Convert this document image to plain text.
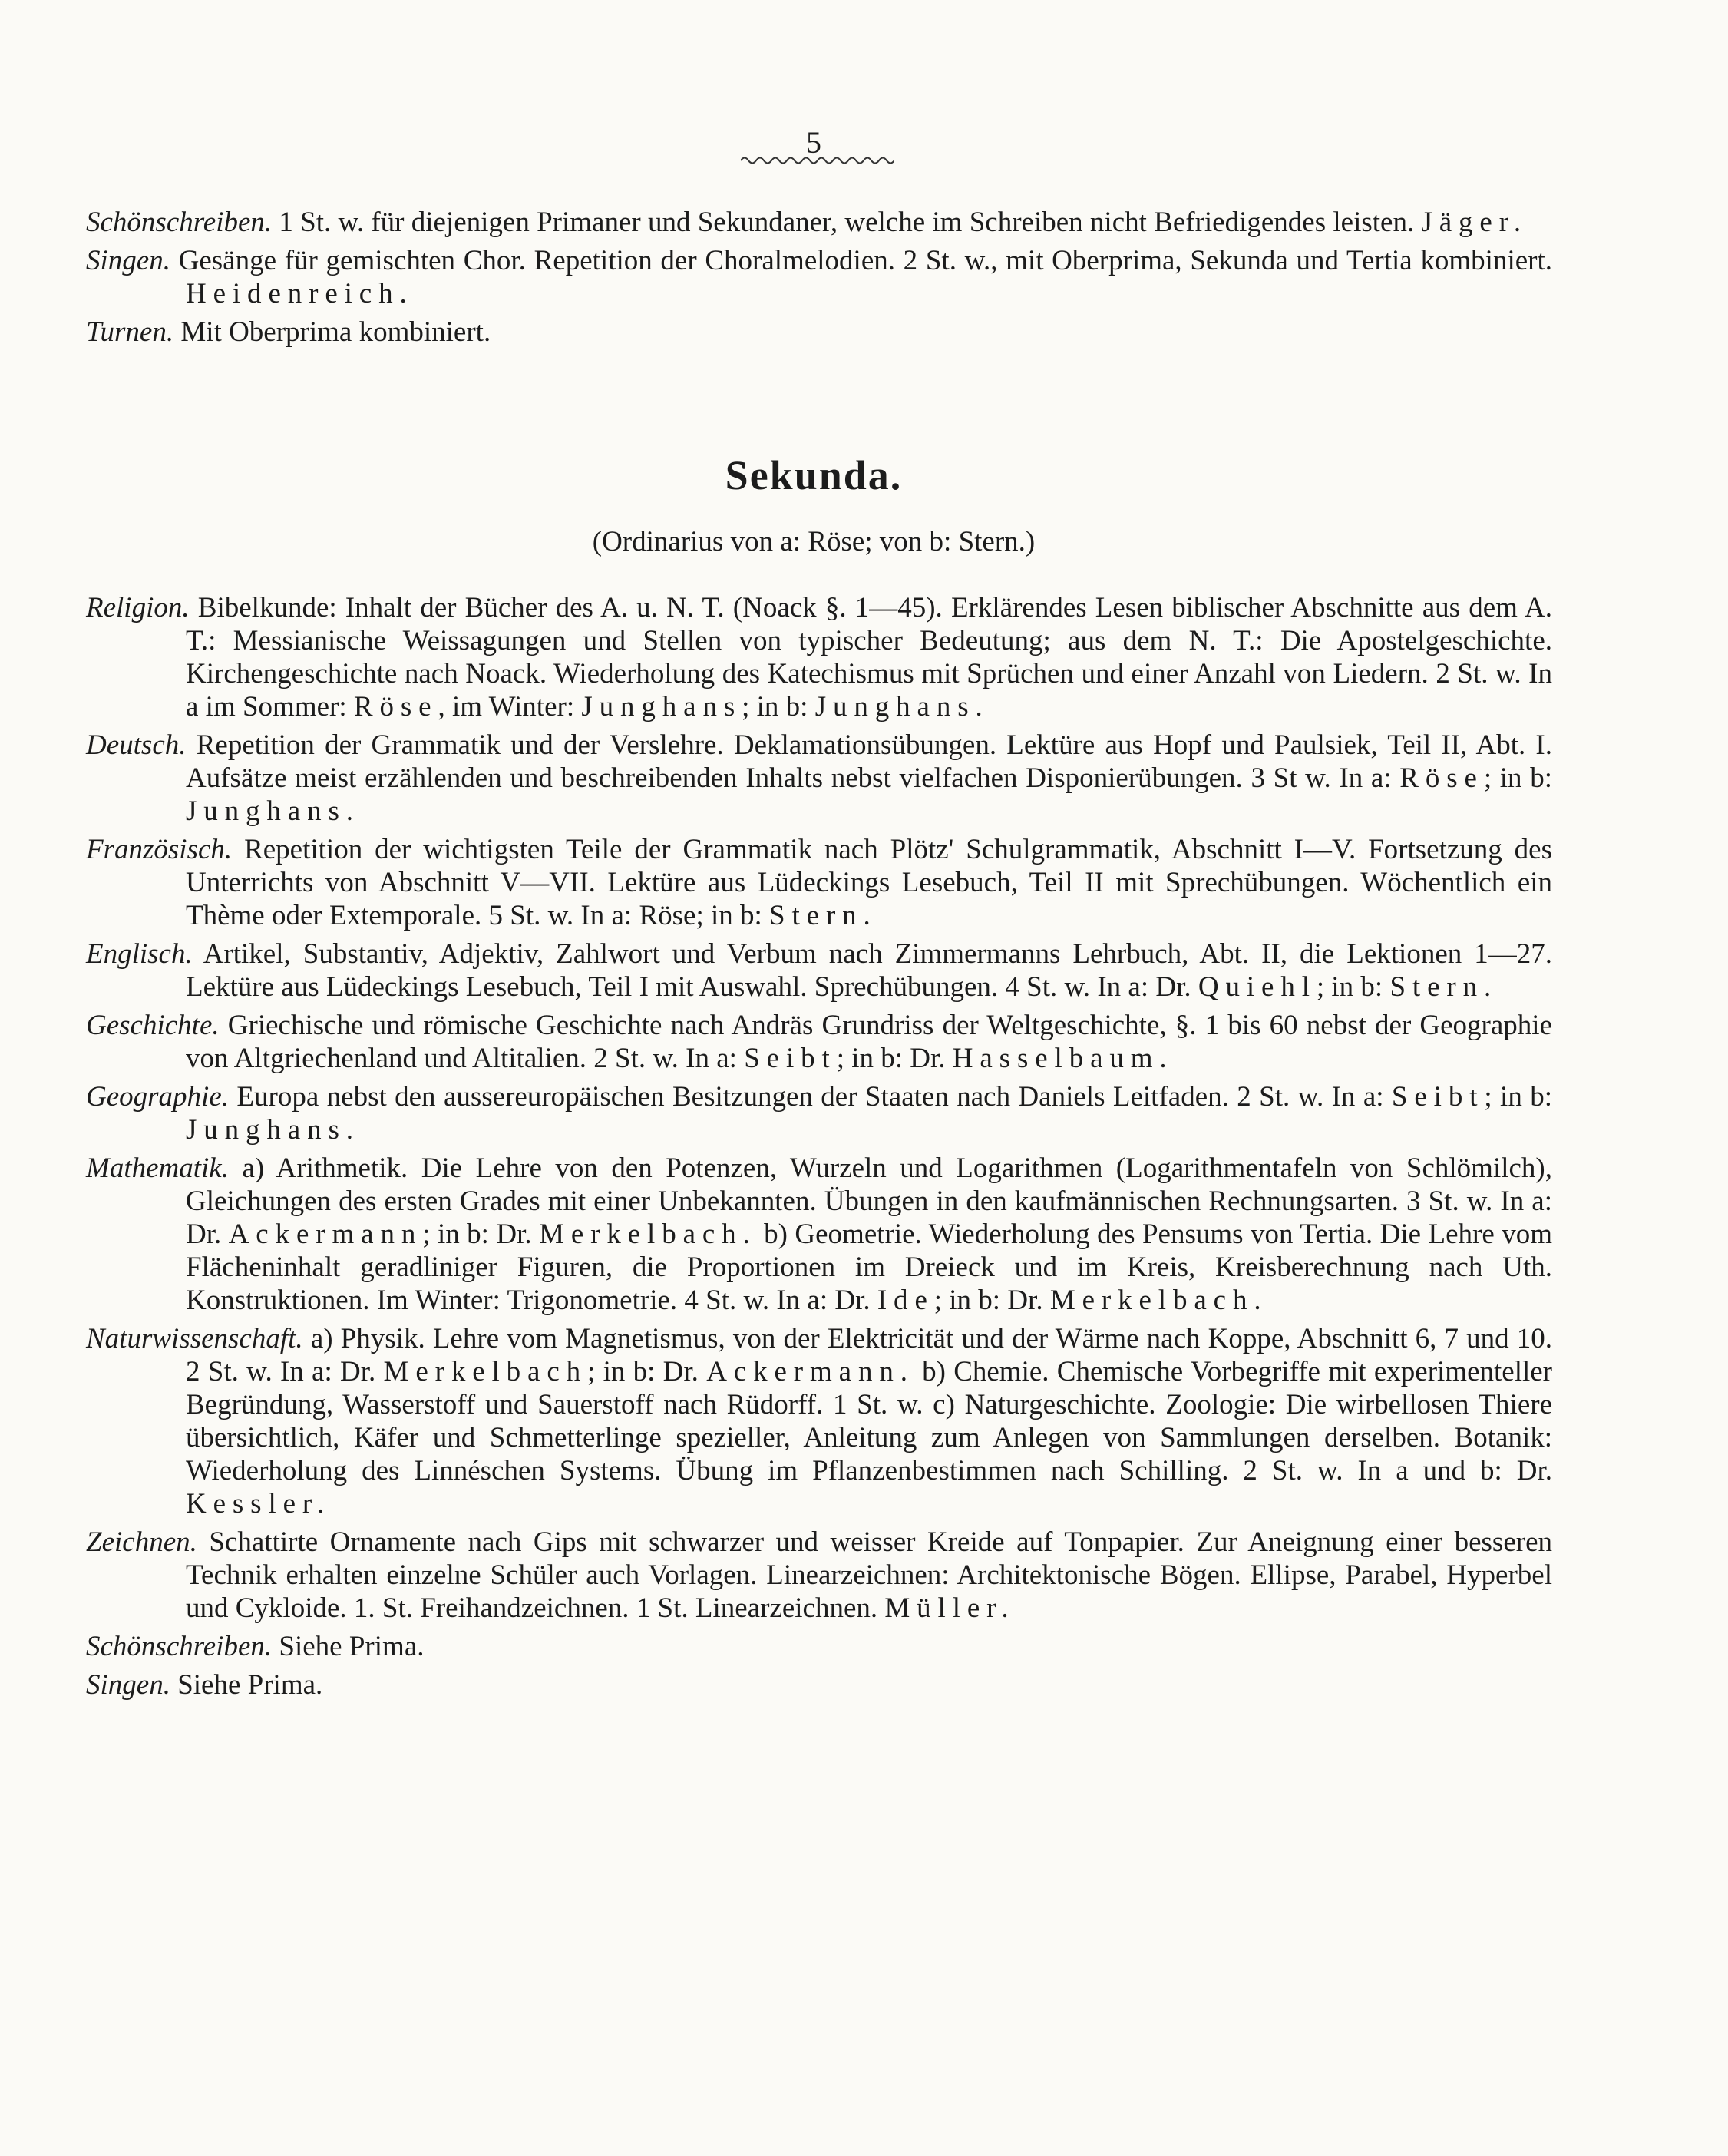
5

Schönschreiben. 1 St. w. für diejenigen Primaner und Sekundaner, welche im Schreiben nicht Befriedigendes leisten. Jäger.

Singen. Gesänge für gemischten Chor. Repetition der Choralmelodien. 2 St. w., mit Oberprima, Sekunda und Tertia kombiniert. Heidenreich.

Turnen. Mit Oberprima kombiniert.

Sekunda.
(Ordinarius von a: Röse; von b: Stern.)

Religion. Bibelkunde: Inhalt der Bücher des A. u. N. T. (Noack §. 1—45). Erklärendes Lesen biblischer Abschnitte aus dem A. T.: Messianische Weissagungen und Stellen von typischer Bedeutung; aus dem N. T.: Die Apostelgeschichte. Kirchengeschichte nach Noack. Wiederholung des Katechismus mit Sprüchen und einer Anzahl von Liedern. 2 St. w. In a im Sommer: Röse, im Winter: Junghans; in b: Junghans.

Deutsch. Repetition der Grammatik und der Verslehre. Deklamationsübungen. Lektüre aus Hopf und Paulsiek, Teil II, Abt. I. Aufsätze meist erzählenden und beschreibenden Inhalts nebst vielfachen Disponierübungen. 3 St w. In a: Röse; in b: Junghans.

Französisch. Repetition der wichtigsten Teile der Grammatik nach Plötz' Schulgrammatik, Abschnitt I—V. Fortsetzung des Unterrichts von Abschnitt V—VII. Lektüre aus Lüdeckings Lesebuch, Teil II mit Sprechübungen. Wöchentlich ein Thème oder Extemporale. 5 St. w. In a: Röse; in b: Stern.

Englisch. Artikel, Substantiv, Adjektiv, Zahlwort und Verbum nach Zimmermanns Lehrbuch, Abt. II, die Lektionen 1—27. Lektüre aus Lüdeckings Lesebuch, Teil I mit Auswahl. Sprechübungen. 4 St. w. In a: Dr. Quiehl; in b: Stern.

Geschichte. Griechische und römische Geschichte nach Andräs Grundriss der Weltgeschichte, §. 1 bis 60 nebst der Geographie von Altgriechenland und Altitalien. 2 St. w. In a: Seibt; in b: Dr. Hasselbaum.

Geographie. Europa nebst den aussereuropäischen Besitzungen der Staaten nach Daniels Leitfaden. 2 St. w. In a: Seibt; in b: Junghans.

Mathematik. a) Arithmetik. Die Lehre von den Potenzen, Wurzeln und Logarithmen (Logarithmentafeln von Schlömilch), Gleichungen des ersten Grades mit einer Unbekannten. Übungen in den kaufmännischen Rechnungsarten. 3 St. w. In a: Dr. Ackermann; in b: Dr. Merkelbach. b) Geometrie. Wiederholung des Pensums von Tertia. Die Lehre vom Flächeninhalt geradliniger Figuren, die Proportionen im Dreieck und im Kreis, Kreisberechnung nach Uth. Konstruktionen. Im Winter: Trigonometrie. 4 St. w. In a: Dr. Ide; in b: Dr. Merkelbach.

Naturwissenschaft. a) Physik. Lehre vom Magnetismus, von der Elektricität und der Wärme nach Koppe, Abschnitt 6, 7 und 10. 2 St. w. In a: Dr. Merkelbach; in b: Dr. Ackermann. b) Chemie. Chemische Vorbegriffe mit experimenteller Begründung, Wasserstoff und Sauerstoff nach Rüdorff. 1 St. w. c) Naturgeschichte. Zoologie: Die wirbellosen Thiere übersichtlich, Käfer und Schmetterlinge spezieller, Anleitung zum Anlegen von Sammlungen derselben. Botanik: Wiederholung des Linnéschen Systems. Übung im Pflanzenbestimmen nach Schilling. 2 St. w. In a und b: Dr. Kessler.

Zeichnen. Schattirte Ornamente nach Gips mit schwarzer und weisser Kreide auf Tonpapier. Zur Aneignung einer besseren Technik erhalten einzelne Schüler auch Vorlagen. Linearzeichnen: Architektonische Bögen. Ellipse, Parabel, Hyperbel und Cykloide. 1. St. Freihandzeichnen. 1 St. Linearzeichnen. Müller.

Schönschreiben. Siehe Prima.

Singen. Siehe Prima.
